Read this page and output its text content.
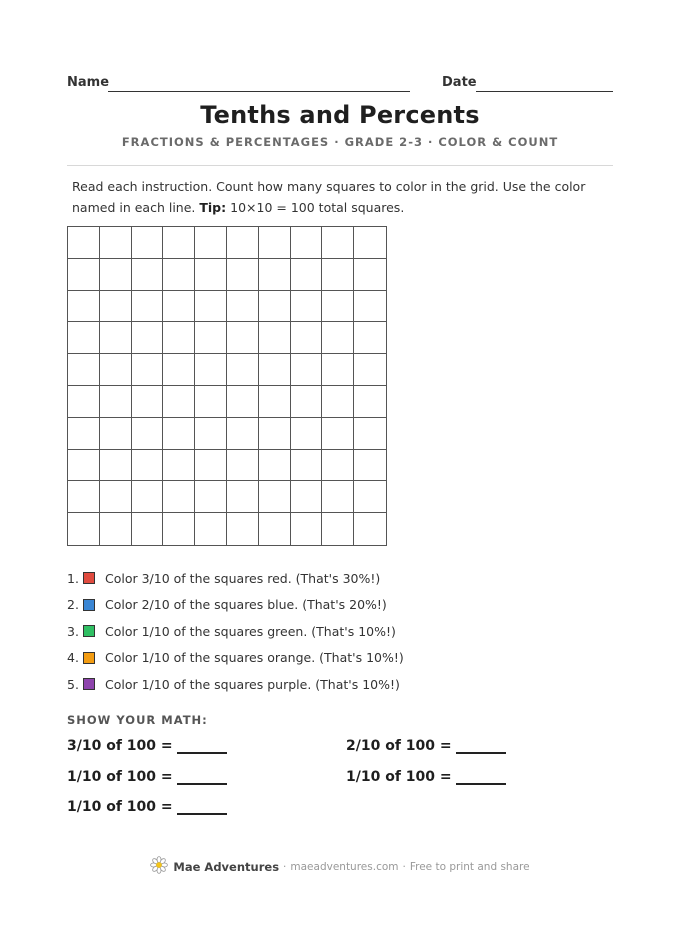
Name	Date
Tenths and Percents
FRACTIONS & PERCENTAGES · GRADE 2-3 · COLOR & COUNT
Read each instruction. Count how many squares to color in the grid. Use the color named in each line. Tip: 10×10 = 100 total squares.
1.	Color 3/10 of the squares red. (That's 30%!)
2.	Color 2/10 of the squares blue. (That's 20%!)
3.	Color 1/10 of the squares green. (That's 10%!)
4.	Color 1/10 of the squares orange. (That's 10%!)
5.	Color 1/10 of the squares purple. (That's 10%!)
SHOW YOUR MATH:
3/10 of 100 =	2/10 of 100 =
1/10 of 100 =	1/10 of 100 =
1/10 of 100 =
Mae Adventures · maeadventures.com · Free to print and share
